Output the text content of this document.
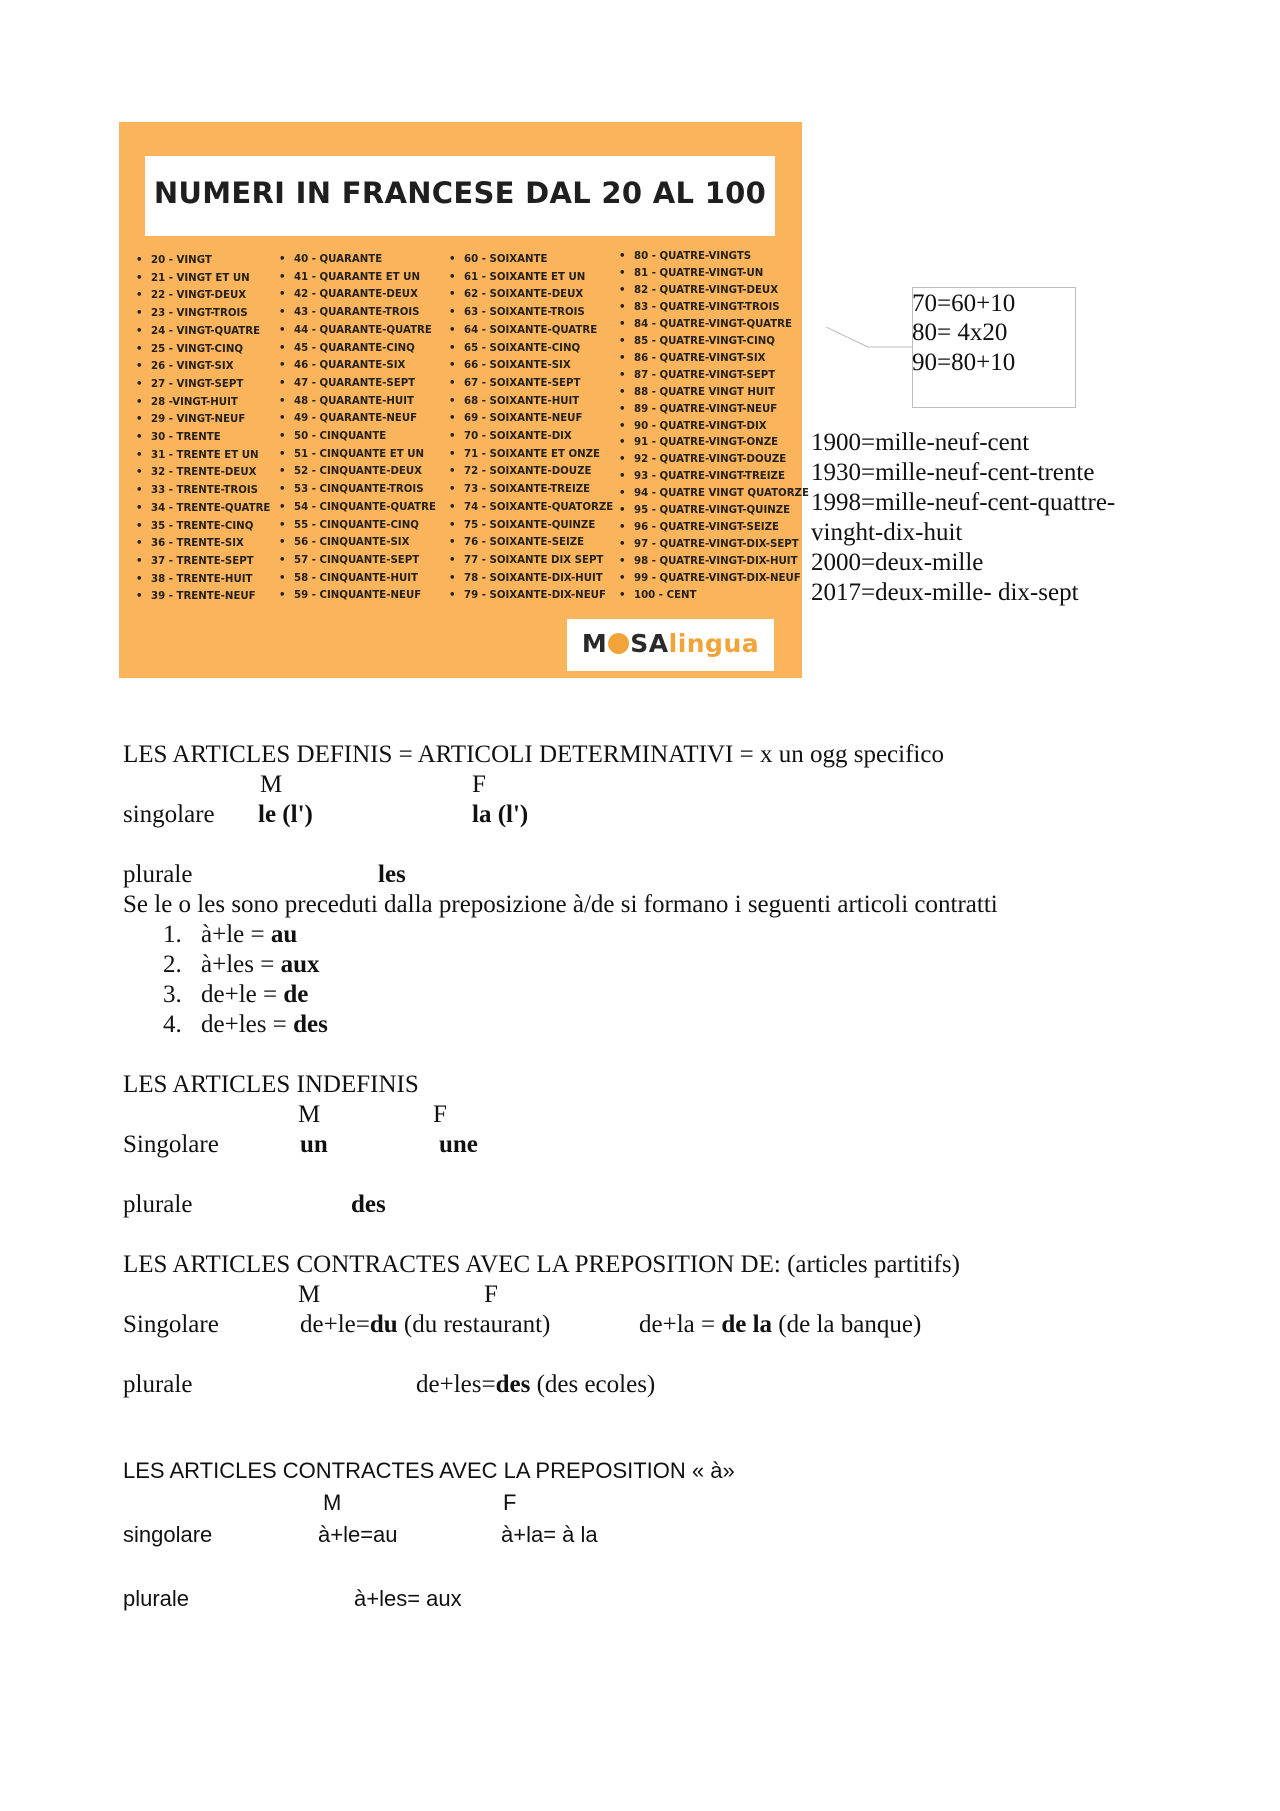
NUMERI IN FRANCESE DAL 20 AL 100
• 20 - VINGT
• 21 - VINGT ET UN
• 22 - VINGT-DEUX
• 23 - VINGT-TROIS
• 24 - VINGT-QUATRE
• 25 - VINGT-CINQ
• 26 - VINGT-SIX
• 27 - VINGT-SEPT
• 28 -VINGT-HUIT
• 29 - VINGT-NEUF
• 30 - TRENTE
• 31 - TRENTE ET UN
• 32 - TRENTE-DEUX
• 33 - TRENTE-TROIS
• 34 - TRENTE-QUATRE
• 35 - TRENTE-CINQ
• 36 - TRENTE-SIX
• 37 - TRENTE-SEPT
• 38 - TRENTE-HUIT
• 39 - TRENTE-NEUF
• 40 - QUARANTE
• 41 - QUARANTE ET UN
• 42 - QUARANTE-DEUX
• 43 - QUARANTE-TROIS
• 44 - QUARANTE-QUATRE
• 45 - QUARANTE-CINQ
• 46 - QUARANTE-SIX
• 47 - QUARANTE-SEPT
• 48 - QUARANTE-HUIT
• 49 - QUARANTE-NEUF
• 50 - CINQUANTE
• 51 - CINQUANTE ET UN
• 52 - CINQUANTE-DEUX
• 53 - CINQUANTE-TROIS
• 54 - CINQUANTE-QUATRE
• 55 - CINQUANTE-CINQ
• 56 - CINQUANTE-SIX
• 57 - CINQUANTE-SEPT
• 58 - CINQUANTE-HUIT
• 59 - CINQUANTE-NEUF
• 60 - SOIXANTE
• 61 - SOIXANTE ET UN
• 62 - SOIXANTE-DEUX
• 63 - SOIXANTE-TROIS
• 64 - SOIXANTE-QUATRE
• 65 - SOIXANTE-CINQ
• 66 - SOIXANTE-SIX
• 67 - SOIXANTE-SEPT
• 68 - SOIXANTE-HUIT
• 69 - SOIXANTE-NEUF
• 70 - SOIXANTE-DIX
• 71 - SOIXANTE ET ONZE
• 72 - SOIXANTE-DOUZE
• 73 - SOIXANTE-TREIZE
• 74 - SOIXANTE-QUATORZE
• 75 - SOIXANTE-QUINZE
• 76 - SOIXANTE-SEIZE
• 77 - SOIXANTE DIX SEPT
• 78 - SOIXANTE-DIX-HUIT
• 79 - SOIXANTE-DIX-NEUF
• 80 - QUATRE-VINGTS
• 81 - QUATRE-VINGT-UN
• 82 - QUATRE-VINGT-DEUX
• 83 - QUATRE-VINGT-TROIS
• 84 - QUATRE-VINGT-QUATRE
• 85 - QUATRE-VINGT-CINQ
• 86 - QUATRE-VINGT-SIX
• 87 - QUATRE-VINGT-SEPT
• 88 - QUATRE VINGT HUIT
• 89 - QUATRE-VINGT-NEUF
• 90 - QUATRE-VINGT-DIX
• 91 - QUATRE-VINGT-ONZE
• 92 - QUATRE-VINGT-DOUZE
• 93 - QUATRE-VINGT-TREIZE
• 94 - QUATRE VINGT QUATORZE
• 95 - QUATRE-VINGT-QUINZE
• 96 - QUATRE-VINGT-SEIZE
• 97 - QUATRE-VINGT-DIX-SEPT
• 98 - QUATRE-VINGT-DIX-HUIT
• 99 - QUATRE-VINGT-DIX-NEUF
• 100 - CENT
M SAlingua
70=60+10
80= 4x20
90=80+10
1900=mille-neuf-cent
1930=mille-neuf-cent-trente
1998=mille-neuf-cent-quattre-
vinght-dix-huit
2000=deux-mille
2017=deux-mille- dix-sept
LES ARTICLES DEFINIS = ARTICOLI DETERMINATIVI = x un ogg specifico
M	F
singolare le (l')	la (l')
plurale	les
Se le o les sono preceduti dalla preposizione à/de si formano i seguenti articoli contratti
1. à+le = au
2. à+les = aux
3. de+le = de
4. de+les = des
LES ARTICLES INDEFINIS
M	F
Singolare	un	une
plurale	des
LES ARTICLES CONTRACTES AVEC LA PREPOSITION DE: (articles partitifs)
M	F
Singolare	de+le=du (du restaurant)	de+la = de la (de la banque)
plurale	de+les=des (des ecoles)
LES ARTICLES CONTRACTES AVEC LA PREPOSITION « à»
M	F
singolare	à+le=au	à+la= à la
plurale	à+les= aux
